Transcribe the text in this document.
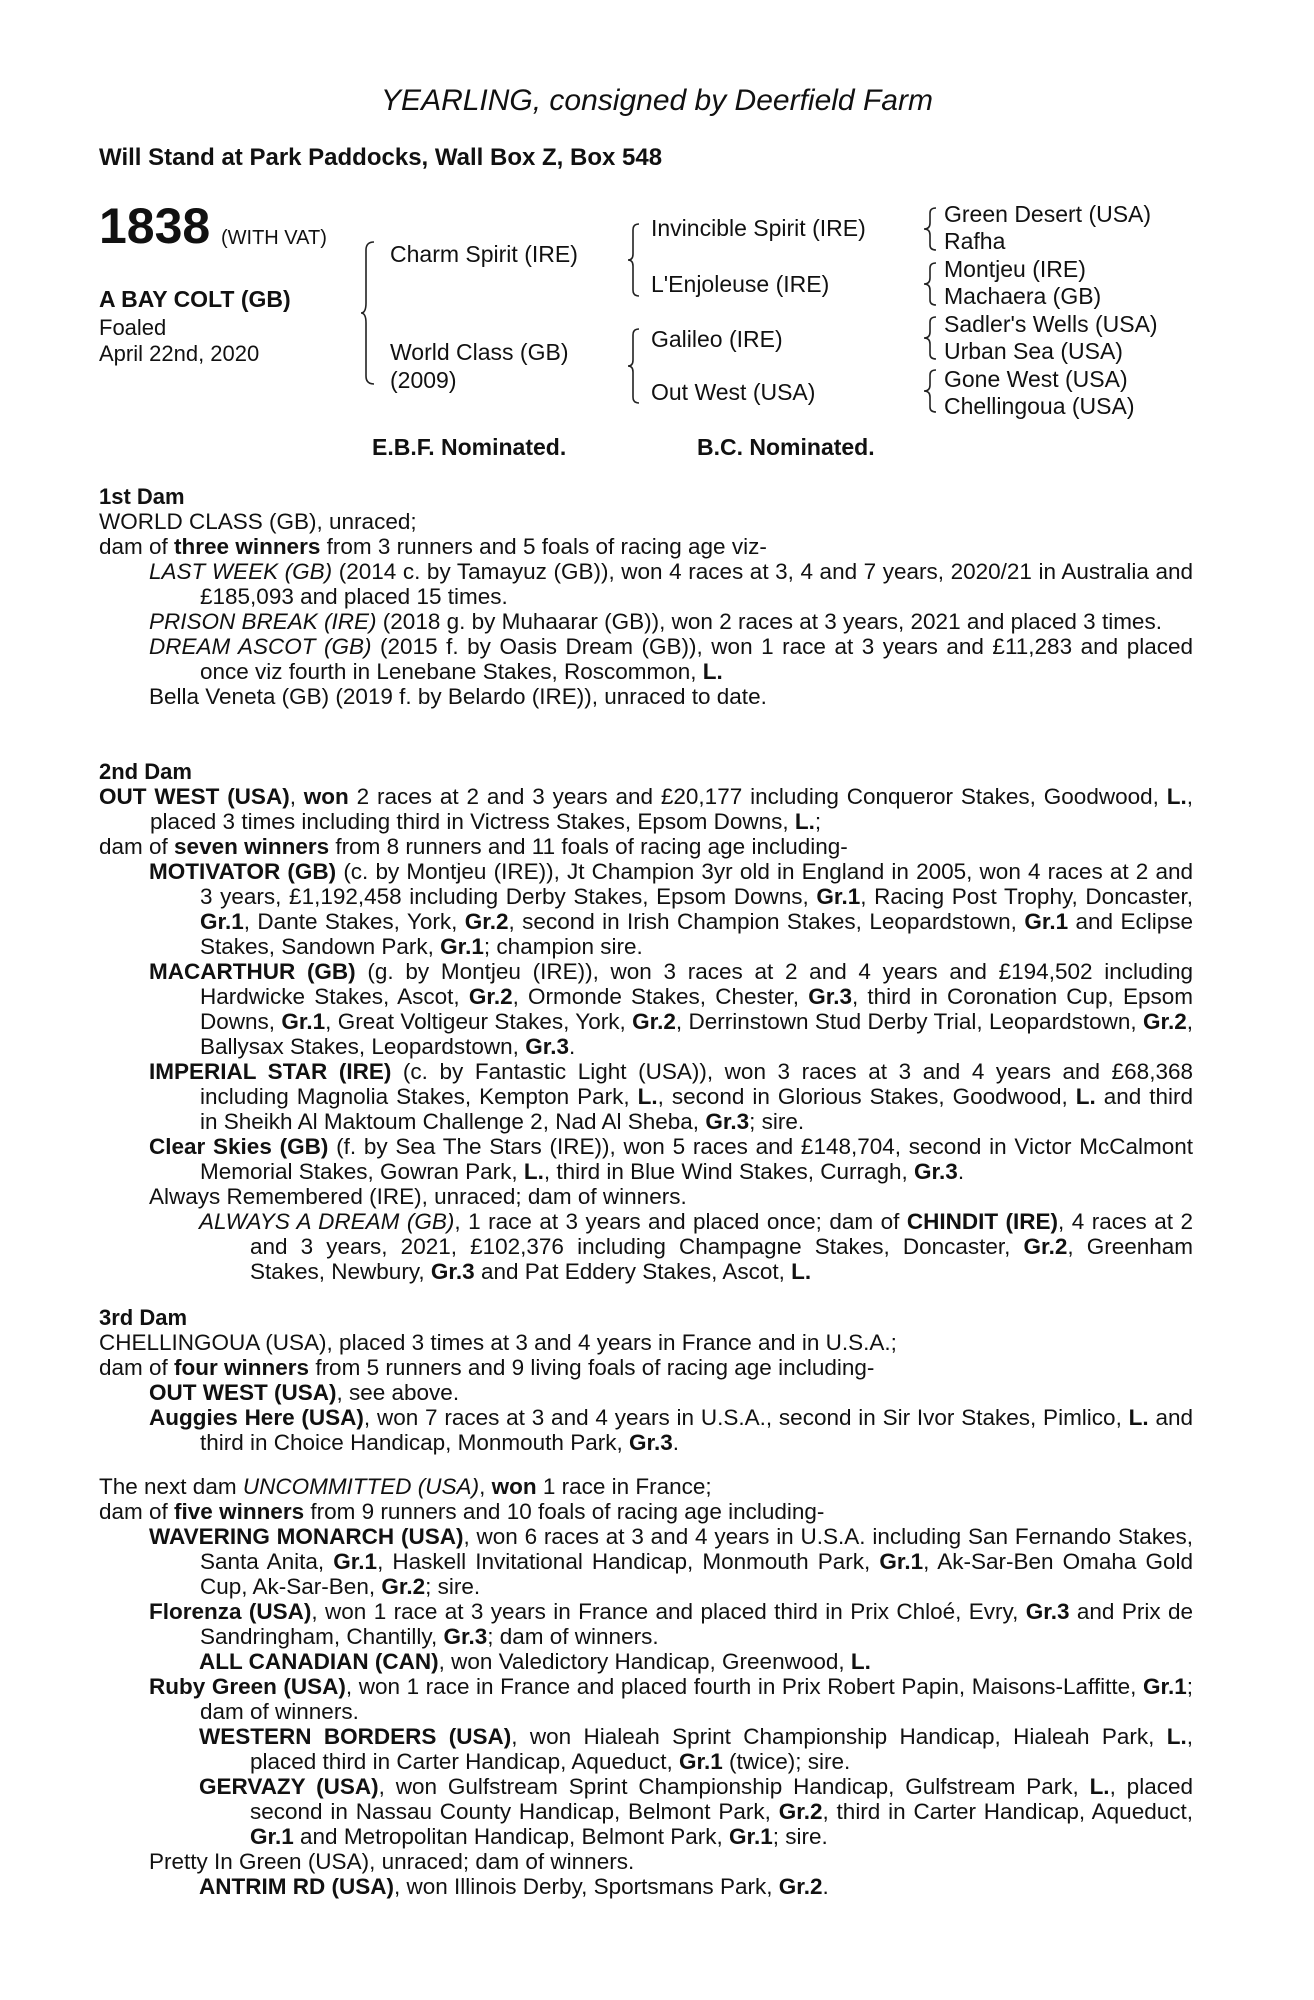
YEARLING, consigned by Deerfield Farm
Will Stand at Park Paddocks, Wall Box Z, Box 548
1838 (WITH VAT)
A BAY COLT (GB)
Foaled
April 22nd, 2020
Charm Spirit (IRE)
World Class (GB)
(2009)
Invincible Spirit (IRE)
L'Enjoleuse (IRE)
Galileo (IRE)
Out West (USA)
Green Desert (USA)
Rafha
Montjeu (IRE)
Machaera (GB)
Sadler's Wells (USA)
Urban Sea (USA)
Gone West (USA)
Chellingoua (USA)
E.B.F. Nominated.	B.C. Nominated.

1st Dam

WORLD CLASS (GB), unraced;

dam of three winners from 3 runners and 5 foals of racing age viz-

LAST WEEK (GB) (2014 c. by Tamayuz (GB)), won 4 races at 3, 4 and 7 years, 2020/21 in Australia and £185,093 and placed 15 times.

PRISON BREAK (IRE) (2018 g. by Muhaarar (GB)), won 2 races at 3 years, 2021 and placed 3 times.

DREAM ASCOT (GB) (2015 f. by Oasis Dream (GB)), won 1 race at 3 years and £11,283 and placed once viz fourth in Lenebane Stakes, Roscommon, L.

Bella Veneta (GB) (2019 f. by Belardo (IRE)), unraced to date.

2nd Dam

OUT WEST (USA), won 2 races at 2 and 3 years and £20,177 including Conqueror Stakes, Goodwood, L., placed 3 times including third in Victress Stakes, Epsom Downs, L.;

dam of seven winners from 8 runners and 11 foals of racing age including-

MOTIVATOR (GB) (c. by Montjeu (IRE)), Jt Champion 3yr old in England in 2005, won 4 races at 2 and 3 years, £1,192,458 including Derby Stakes, Epsom Downs, Gr.1, Racing Post Trophy, Doncaster, Gr.1, Dante Stakes, York, Gr.2, second in Irish Champion Stakes, Leopardstown, Gr.1 and Eclipse Stakes, Sandown Park, Gr.1; champion sire.

MACARTHUR (GB) (g. by Montjeu (IRE)), won 3 races at 2 and 4 years and £194,502 including Hardwicke Stakes, Ascot, Gr.2, Ormonde Stakes, Chester, Gr.3, third in Coronation Cup, Epsom Downs, Gr.1, Great Voltigeur Stakes, York, Gr.2, Derrinstown Stud Derby Trial, Leopardstown, Gr.2, Ballysax Stakes, Leopardstown, Gr.3.

IMPERIAL STAR (IRE) (c. by Fantastic Light (USA)), won 3 races at 3 and 4 years and £68,368 including Magnolia Stakes, Kempton Park, L., second in Glorious Stakes, Goodwood, L. and third in Sheikh Al Maktoum Challenge 2, Nad Al Sheba, Gr.3; sire.

Clear Skies (GB) (f. by Sea The Stars (IRE)), won 5 races and £148,704, second in Victor McCalmont Memorial Stakes, Gowran Park, L., third in Blue Wind Stakes, Curragh, Gr.3.

Always Remembered (IRE), unraced; dam of winners.

ALWAYS A DREAM (GB), 1 race at 3 years and placed once; dam of CHINDIT (IRE), 4 races at 2 and 3 years, 2021, £102,376 including Champagne Stakes, Doncaster, Gr.2, Greenham Stakes, Newbury, Gr.3 and Pat Eddery Stakes, Ascot, L.

3rd Dam

CHELLINGOUA (USA), placed 3 times at 3 and 4 years in France and in U.S.A.;

dam of four winners from 5 runners and 9 living foals of racing age including-

OUT WEST (USA), see above.

Auggies Here (USA), won 7 races at 3 and 4 years in U.S.A., second in Sir Ivor Stakes, Pimlico, L. and third in Choice Handicap, Monmouth Park, Gr.3.

The next dam UNCOMMITTED (USA), won 1 race in France;

dam of five winners from 9 runners and 10 foals of racing age including-

WAVERING MONARCH (USA), won 6 races at 3 and 4 years in U.S.A. including San Fernando Stakes, Santa Anita, Gr.1, Haskell Invitational Handicap, Monmouth Park, Gr.1, Ak-Sar-Ben Omaha Gold Cup, Ak-Sar-Ben, Gr.2; sire.

Florenza (USA), won 1 race at 3 years in France and placed third in Prix Chloé, Evry, Gr.3 and Prix de Sandringham, Chantilly, Gr.3; dam of winners.

ALL CANADIAN (CAN), won Valedictory Handicap, Greenwood, L.

Ruby Green (USA), won 1 race in France and placed fourth in Prix Robert Papin, Maisons-Laffitte, Gr.1; dam of winners.

WESTERN BORDERS (USA), won Hialeah Sprint Championship Handicap, Hialeah Park, L., placed third in Carter Handicap, Aqueduct, Gr.1 (twice); sire.

GERVAZY (USA), won Gulfstream Sprint Championship Handicap, Gulfstream Park, L., placed second in Nassau County Handicap, Belmont Park, Gr.2, third in Carter Handicap, Aqueduct, Gr.1 and Metropolitan Handicap, Belmont Park, Gr.1; sire.

Pretty In Green (USA), unraced; dam of winners.

ANTRIM RD (USA), won Illinois Derby, Sportsmans Park, Gr.2.
